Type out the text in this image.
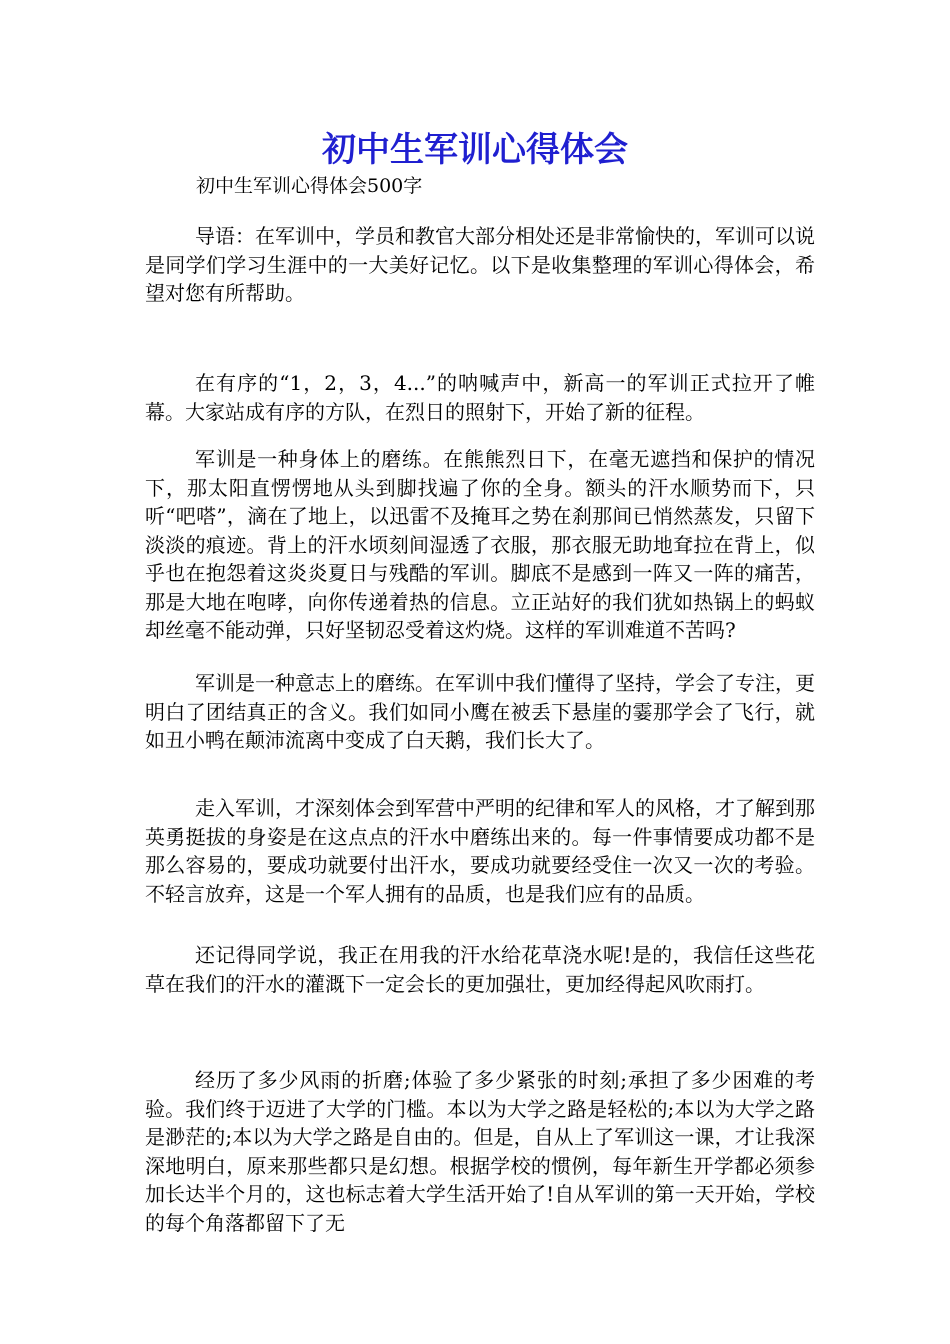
初中生军训心得体会

初中生军训心得体会500字

导语：在军训中，学员和教官大部分相处还是非常愉快的，军训可以说是同学们学习生涯中的一大美好记忆。以下是收集整理的军训心得体会，希望对您有所帮助。

在有序的“1，2，3，4...”的呐喊声中，新高一的军训正式拉开了帷幕。大家站成有序的方队，在烈日的照射下，开始了新的征程。

军训是一种身体上的磨练。在熊熊烈日下，在毫无遮挡和保护的情况下，那太阳直愣愣地从头到脚找遍了你的全身。额头的汗水顺势而下，只听“吧嗒”，滴在了地上，以迅雷不及掩耳之势在刹那间已悄然蒸发，只留下淡淡的痕迹。背上的汗水顷刻间湿透了衣服，那衣服无助地耷拉在背上，似乎也在抱怨着这炎炎夏日与残酷的军训。脚底不是感到一阵又一阵的痛苦，那是大地在咆哮，向你传递着热的信息。立正站好的我们犹如热锅上的蚂蚁却丝毫不能动弹，只好坚韧忍受着这灼烧。这样的军训难道不苦吗?

军训是一种意志上的磨练。在军训中我们懂得了坚持，学会了专注，更明白了团结真正的含义。我们如同小鹰在被丢下悬崖的霎那学会了飞行，就如丑小鸭在颠沛流离中变成了白天鹅，我们长大了。

走入军训，才深刻体会到军营中严明的纪律和军人的风格，才了解到那英勇挺拔的身姿是在这点点的汗水中磨练出来的。每一件事情要成功都不是那么容易的，要成功就要付出汗水，要成功就要经受住一次又一次的考验。不轻言放弃，这是一个军人拥有的品质，也是我们应有的品质。

还记得同学说，我正在用我的汗水给花草浇水呢!是的，我信任这些花草在我们的汗水的灌溉下一定会长的更加强壮，更加经得起风吹雨打。

经历了多少风雨的折磨;体验了多少紧张的时刻;承担了多少困难的考验。我们终于迈进了大学的门槛。本以为大学之路是轻松的;本以为大学之路是渺茫的;本以为大学之路是自由的。但是，自从上了军训这一课，才让我深深地明白，原来那些都只是幻想。根据学校的惯例，每年新生开学都必须参加长达半个月的，这也标志着大学生活开始了!自从军训的第一天开始，学校的每个角落都留下了无
